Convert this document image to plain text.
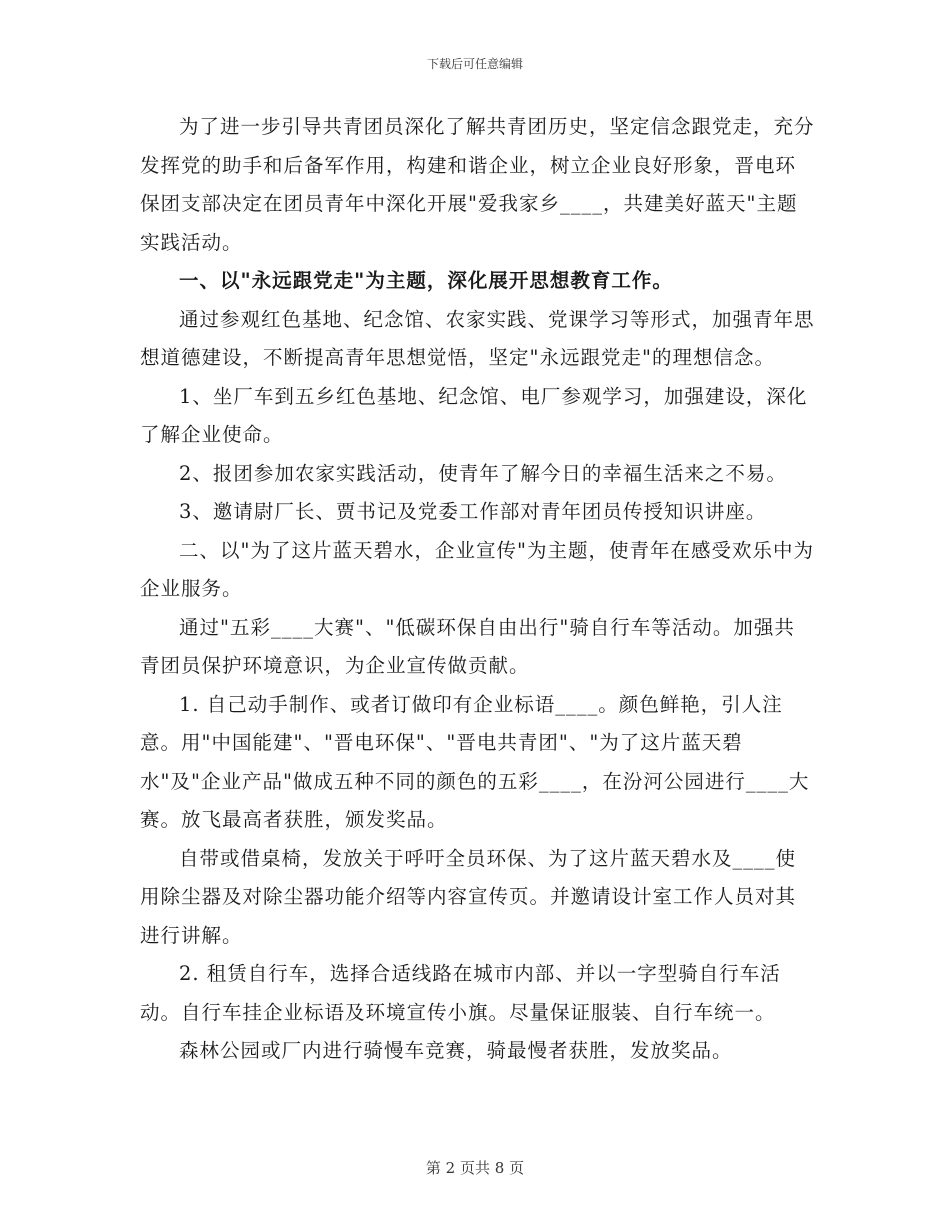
下载后可任意编辑

为了进一步引导共青团员深化了解共青团历史，坚定信念跟党走，充分发挥党的助手和后备军作用，构建和谐企业，树立企业良好形象，晋电环保团支部决定在团员青年中深化开展"爱我家乡____，共建美好蓝天"主题实践活动。

一、以"永远跟党走"为主题，深化展开思想教育工作。

通过参观红色基地、纪念馆、农家实践、党课学习等形式，加强青年思想道德建设，不断提高青年思想觉悟，坚定"永远跟党走"的理想信念。

1、坐厂车到五乡红色基地、纪念馆、电厂参观学习，加强建设，深化了解企业使命。

2、报团参加农家实践活动，使青年了解今日的幸福生活来之不易。

3、邀请尉厂长、贾书记及党委工作部对青年团员传授知识讲座。

二、以"为了这片蓝天碧水，企业宣传"为主题，使青年在感受欢乐中为企业服务。

通过"五彩____大赛"、"低碳环保自由出行"骑自行车等活动。加强共青团员保护环境意识，为企业宣传做贡献。

1. 自己动手制作、或者订做印有企业标语____。颜色鲜艳，引人注意。用"中国能建"、"晋电环保"、"晋电共青团"、"为了这片蓝天碧水"及"企业产品"做成五种不同的颜色的五彩____，在汾河公园进行____大赛。放飞最高者获胜，颁发奖品。

自带或借桌椅，发放关于呼吁全员环保、为了这片蓝天碧水及____使用除尘器及对除尘器功能介绍等内容宣传页。并邀请设计室工作人员对其进行讲解。

2. 租赁自行车，选择合适线路在城市内部、并以一字型骑自行车活动。自行车挂企业标语及环境宣传小旗。尽量保证服装、自行车统一。

森林公园或厂内进行骑慢车竞赛，骑最慢者获胜，发放奖品。

第 2 页共 8 页
